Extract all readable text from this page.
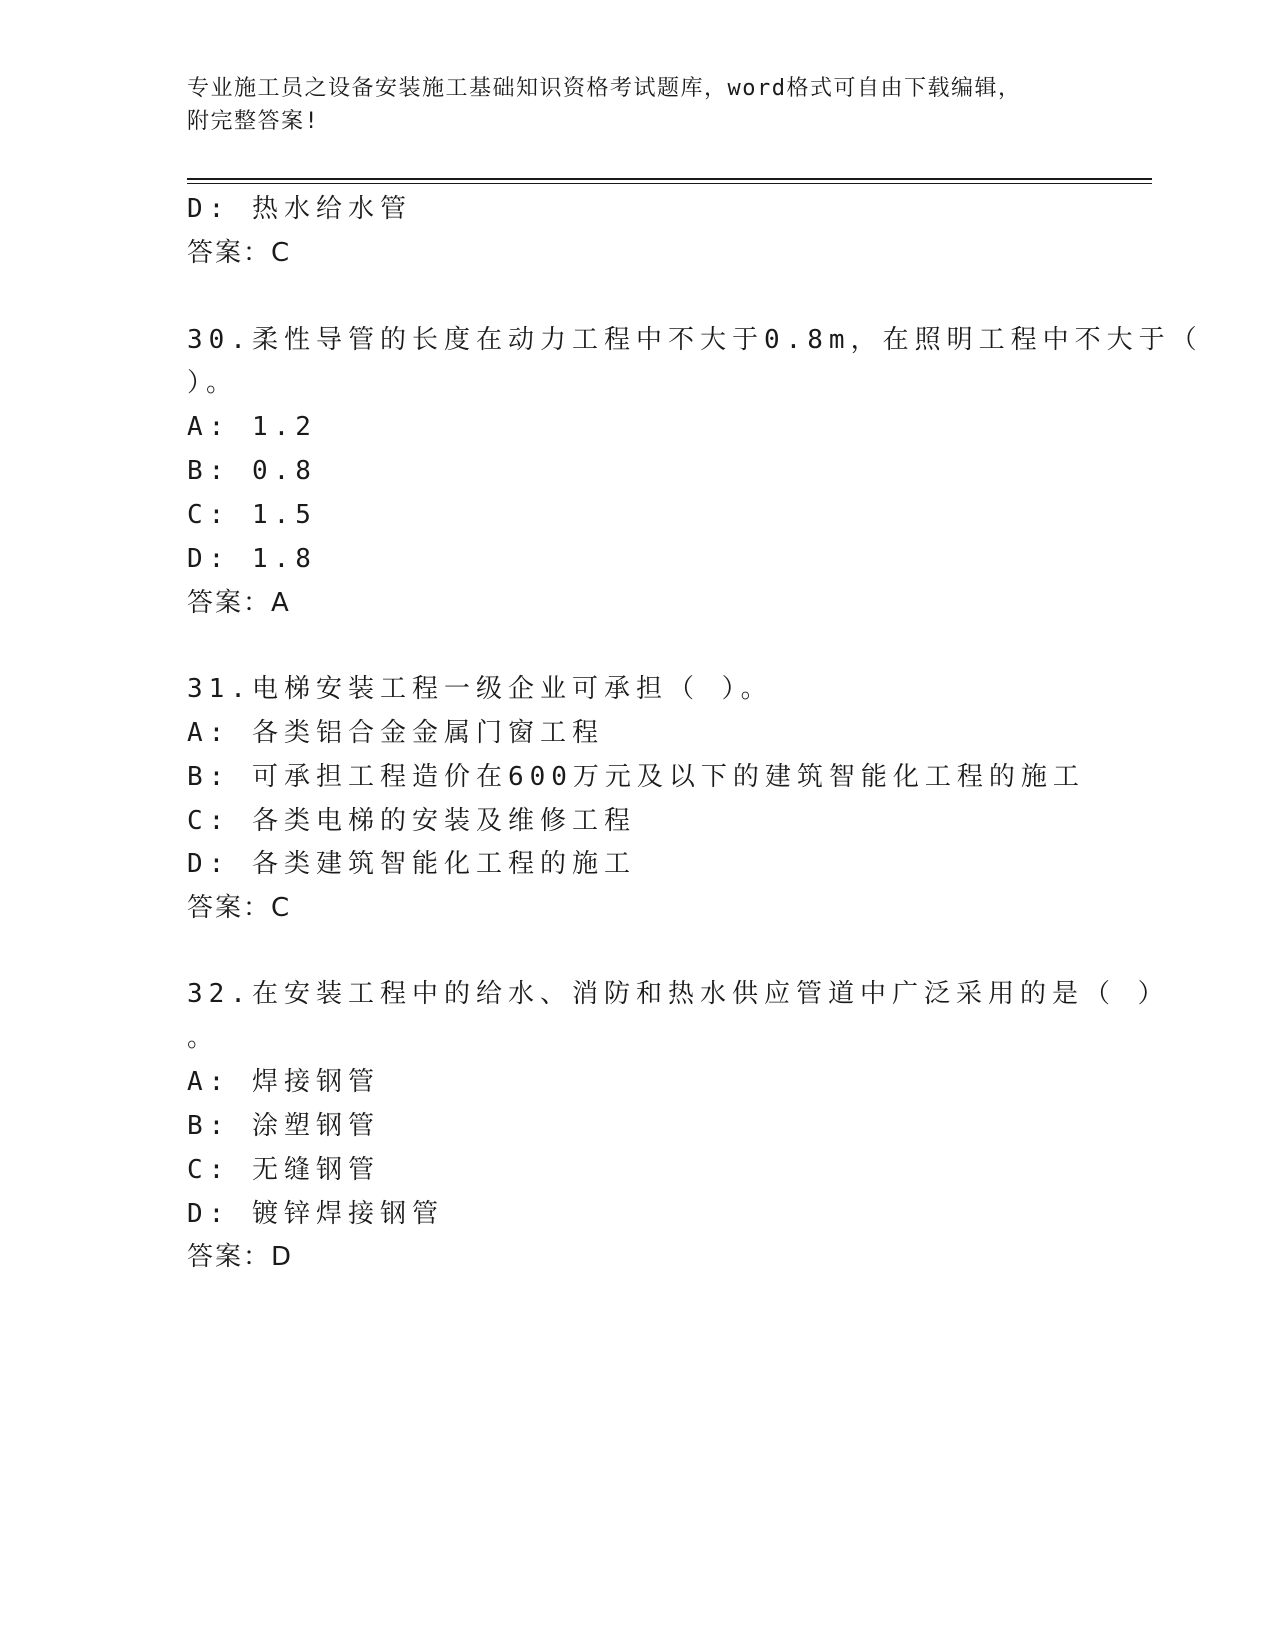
专业施工员之设备安装施工基础知识资格考试题库，word格式可自由下载编辑，
附完整答案!
D: 热水给水管
答案：C
30.柔性导管的长度在动力工程中不大于0.8m，在照明工程中不大于（
）。
A: 1.2
B: 0.8
C: 1.5
D: 1.8
答案：A
31.电梯安装工程一级企业可承担（ ）。
A: 各类铝合金金属门窗工程
B: 可承担工程造价在600万元及以下的建筑智能化工程的施工
C: 各类电梯的安装及维修工程
D: 各类建筑智能化工程的施工
答案：C
32.在安装工程中的给水、消防和热水供应管道中广泛采用的是（ ）
。
A: 焊接钢管
B: 涂塑钢管
C: 无缝钢管
D: 镀锌焊接钢管
答案：D
